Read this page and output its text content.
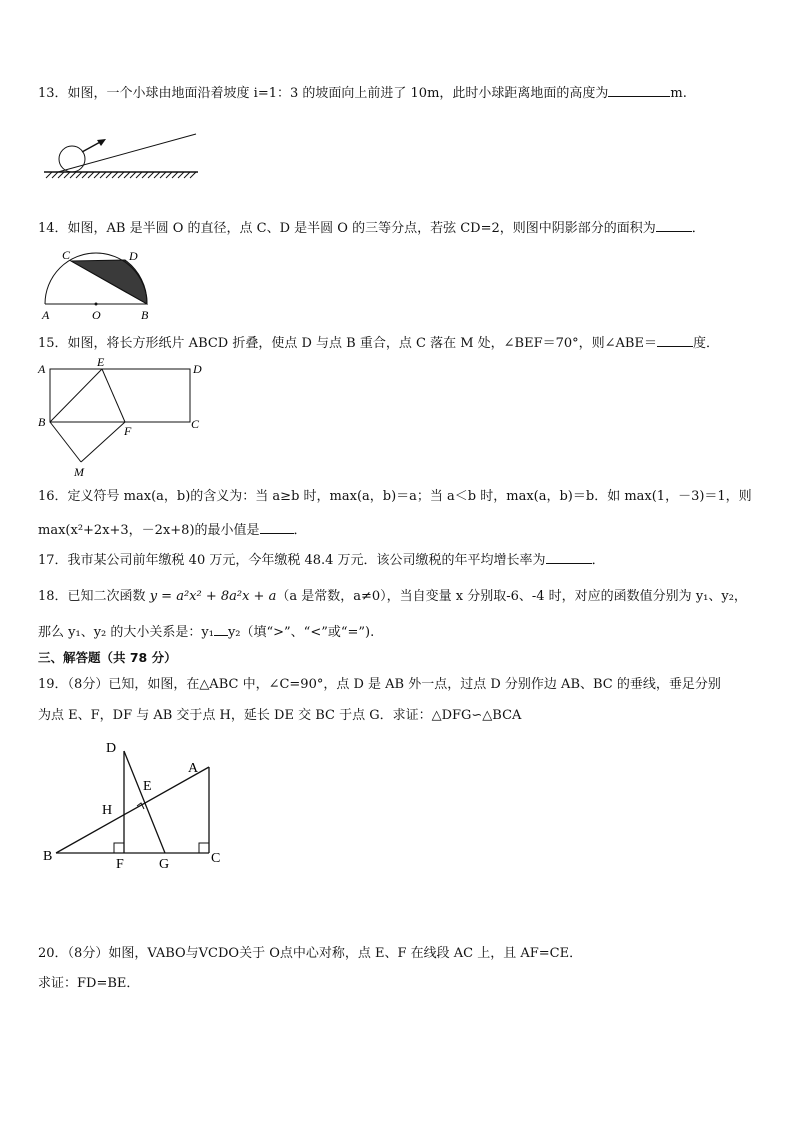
13．如图，一个小球由地面沿着坡度 i=1：3 的坡面向上前进了 10m，此时小球距离地面的高度为	m.
14．如图，AB 是半圆 O 的直径，点 C、D 是半圆 O 的三等分点，若弦 CD=2，则图中阴影部分的面积为	．
C	D
A	O	B
15．如图，将长方形纸片 ABCD 折叠，使点 D 与点 B 重合，点 C 落在 M 处，∠BEF＝70°，则∠ABE＝	度．
A	E	D
B
F	C
M
16．定义符号 max(a，b)的含义为：当 a≥b 时，max(a，b)＝a；当 a＜b 时，max(a，b)＝b．如 max(1，－3)＝1，则
max(x²+2x+3，－2x+8)的最小值是	．
17．我市某公司前年缴税 40 万元，今年缴税 48.4 万元．该公司缴税的年平均增长率为	．
18．已知二次函数 y = a²x² + 8a²x + a（a 是常数，a≠0），当自变量 x 分别取-6、-4 时，对应的函数值分别为 y₁、y₂，
那么 y₁、y₂ 的大小关系是：y₁ y₂（填“>”、“<”或“=”).
三、解答题（共 78 分）
19．（8分）已知，如图，在△ABC 中，∠C=90°，点 D 是 AB 外一点，过点 D 分别作边 AB、BC 的垂线，垂足分别
为点 E、F，DF 与 AB 交于点 H，延长 DE 交 BC 于点 G．求证：△DFG∽△BCA
D
A
E
H
B
F	G	C
20．（8分）如图，VABO与VCDO关于 O点中心对称，点 E、F 在线段 AC 上，且 AF=CE．
求证：FD=BE．
